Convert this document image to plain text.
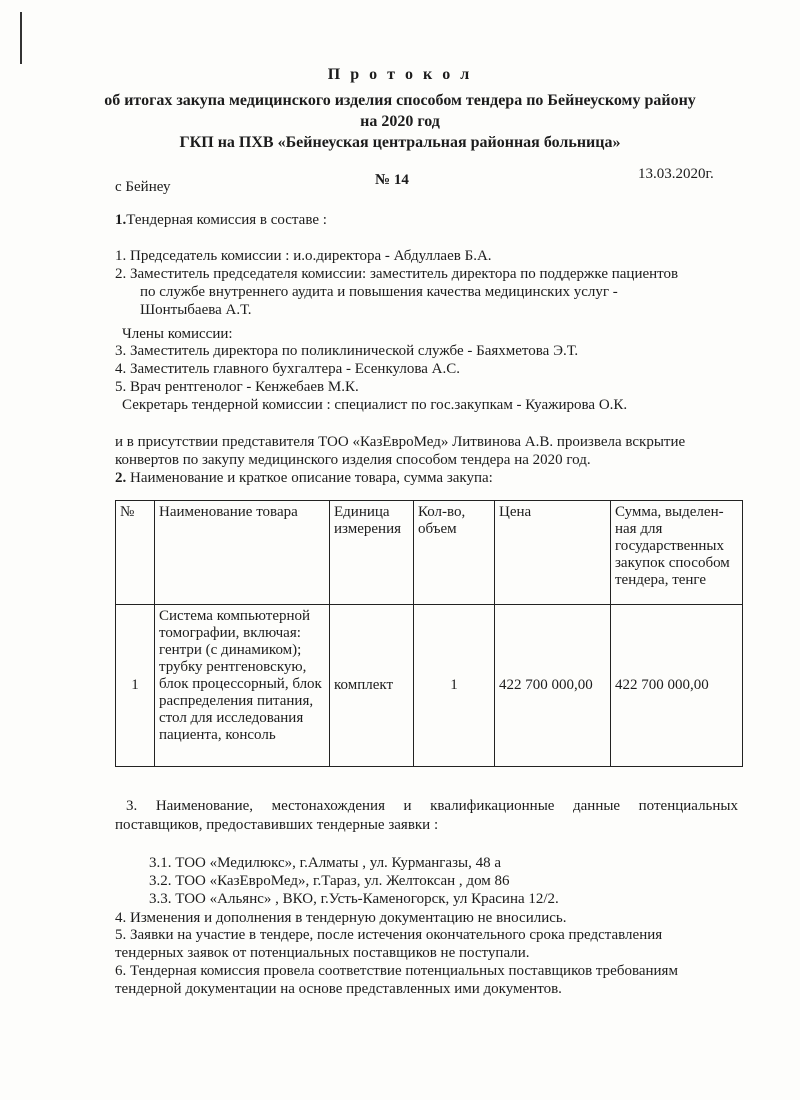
П р о т о к о л
об итогах закупа медицинского изделия способом тендера по Бейнеускому району
на 2020 год
ГКП на ПХВ «Бейнеуская центральная районная больница»
с Бейнеу	№ 14	13.03.2020г.
1.Тендерная комиссия в составе :
1. Председатель комиссии : и.о.директора - Абдуллаев Б.А.
2. Заместитель председателя комиссии: заместитель директора по поддержке пациентов
по службе внутреннего аудита и повышения качества медицинских услуг -
Шонтыбаева А.Т.
Члены комиссии:
3. Заместитель директора по поликлинической службе - Баяхметова Э.Т.
4. Заместитель главного бухгалтера - Есенкулова А.С.
5. Врач рентгенолог - Кенжебаев М.К.
Секретарь тендерной комиссии : специалист по гос.закупкам - Куажирова О.К.
и в присутствии представителя ТОО «КазЕвроМед» Литвинова А.В. произвела вскрытие
конвертов по закупу медицинского изделия способом тендера на 2020 год.
2. Наименование и краткое описание товара, сумма закупа:
№	Наименование товара	Единица измерения	Кол-во, объем	Цена	Сумма, выделен-ная для государственных закупок способом тендера, тенге
1	Система компьютерной томографии, включая: гентри (с динамиком); трубку рентгеновскую, блок процессорный, блок распределения питания, стол для исследования пациента, консоль	комплект	1	422 700 000,00	422 700 000,00
3. Наименование, местонахождения и квалификационные данные потенциальных
поставщиков, предоставивших тендерные заявки :
3.1. ТОО «Медилюкс», г.Алматы , ул. Курмангазы, 48 а
3.2. ТОО «КазЕвроМед», г.Тараз, ул. Желтоксан , дом 86
3.3. ТОО «Альянс» , ВКО, г.Усть-Каменогорск, ул Красина 12/2.
4. Изменения и дополнения в тендерную документацию не вносились.
5. Заявки на участие в тендере, после истечения окончательного срока представления
тендерных заявок от потенциальных поставщиков не поступали.
6. Тендерная комиссия провела соответствие потенциальных поставщиков требованиям
тендерной документации на основе представленных ими документов.
